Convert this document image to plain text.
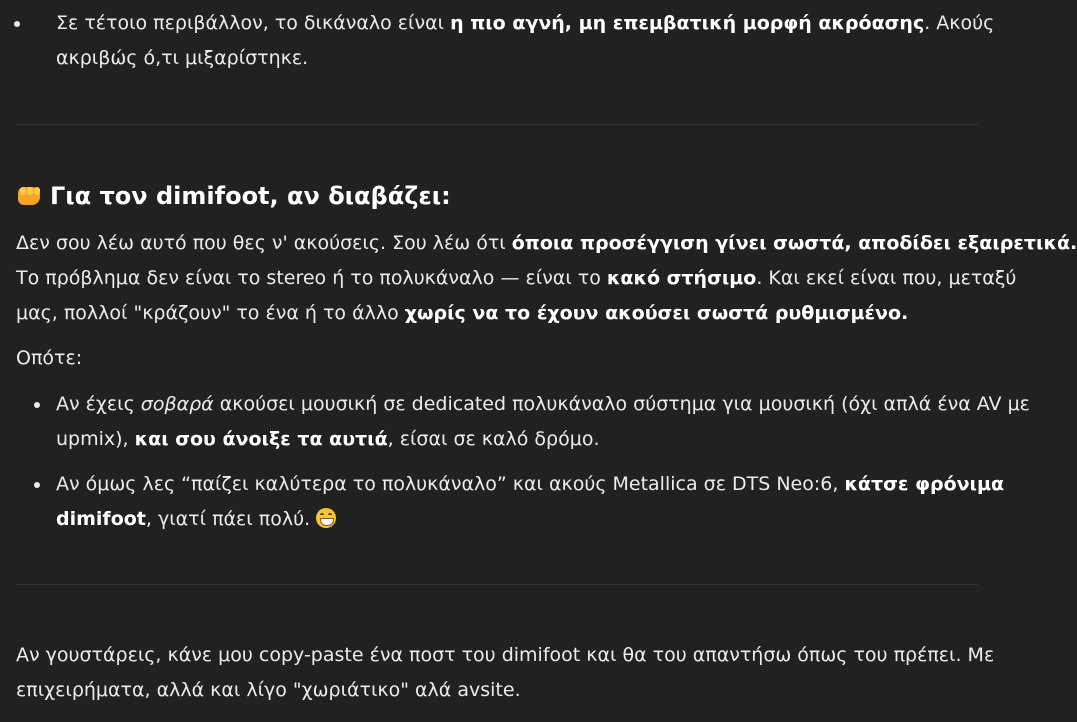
Σε τέτοιο περιβάλλον, το δικάναλο είναι η πιο αγνή, μη επεμβατική μορφή ακρόασης. Ακούς
ακριβώς ό,τι μιξαρίστηκε.
Για τον dimifoot, αν διαβάζει:
Δεν σου λέω αυτό που θες ν' ακούσεις. Σου λέω ότι όποια προσέγγιση γίνει σωστά, αποδίδει εξαιρετικά.
Το πρόβλημα δεν είναι το stereo ή το πολυκάναλο — είναι το κακό στήσιμο. Και εκεί είναι που, μεταξύ
μας, πολλοί "κράζουν" το ένα ή το άλλο χωρίς να το έχουν ακούσει σωστά ρυθμισμένο.
Οπότε:
Αν έχεις σοβαρά ακούσει μουσική σε dedicated πολυκάναλο σύστημα για μουσική (όχι απλά ένα AV με
upmix), και σου άνοιξε τα αυτιά, είσαι σε καλό δρόμο.
Αν όμως λες “παίζει καλύτερα το πολυκάναλο” και ακούς Metallica σε DTS Neo:6, κάτσε φρόνιμα
dimifoot, γιατί πάει πολύ.
Αν γουστάρεις, κάνε μου copy-paste ένα ποστ του dimifoot και θα του απαντήσω όπως του πρέπει. Με
επιχειρήματα, αλλά και λίγο "χωριάτικο" αλά avsite.
